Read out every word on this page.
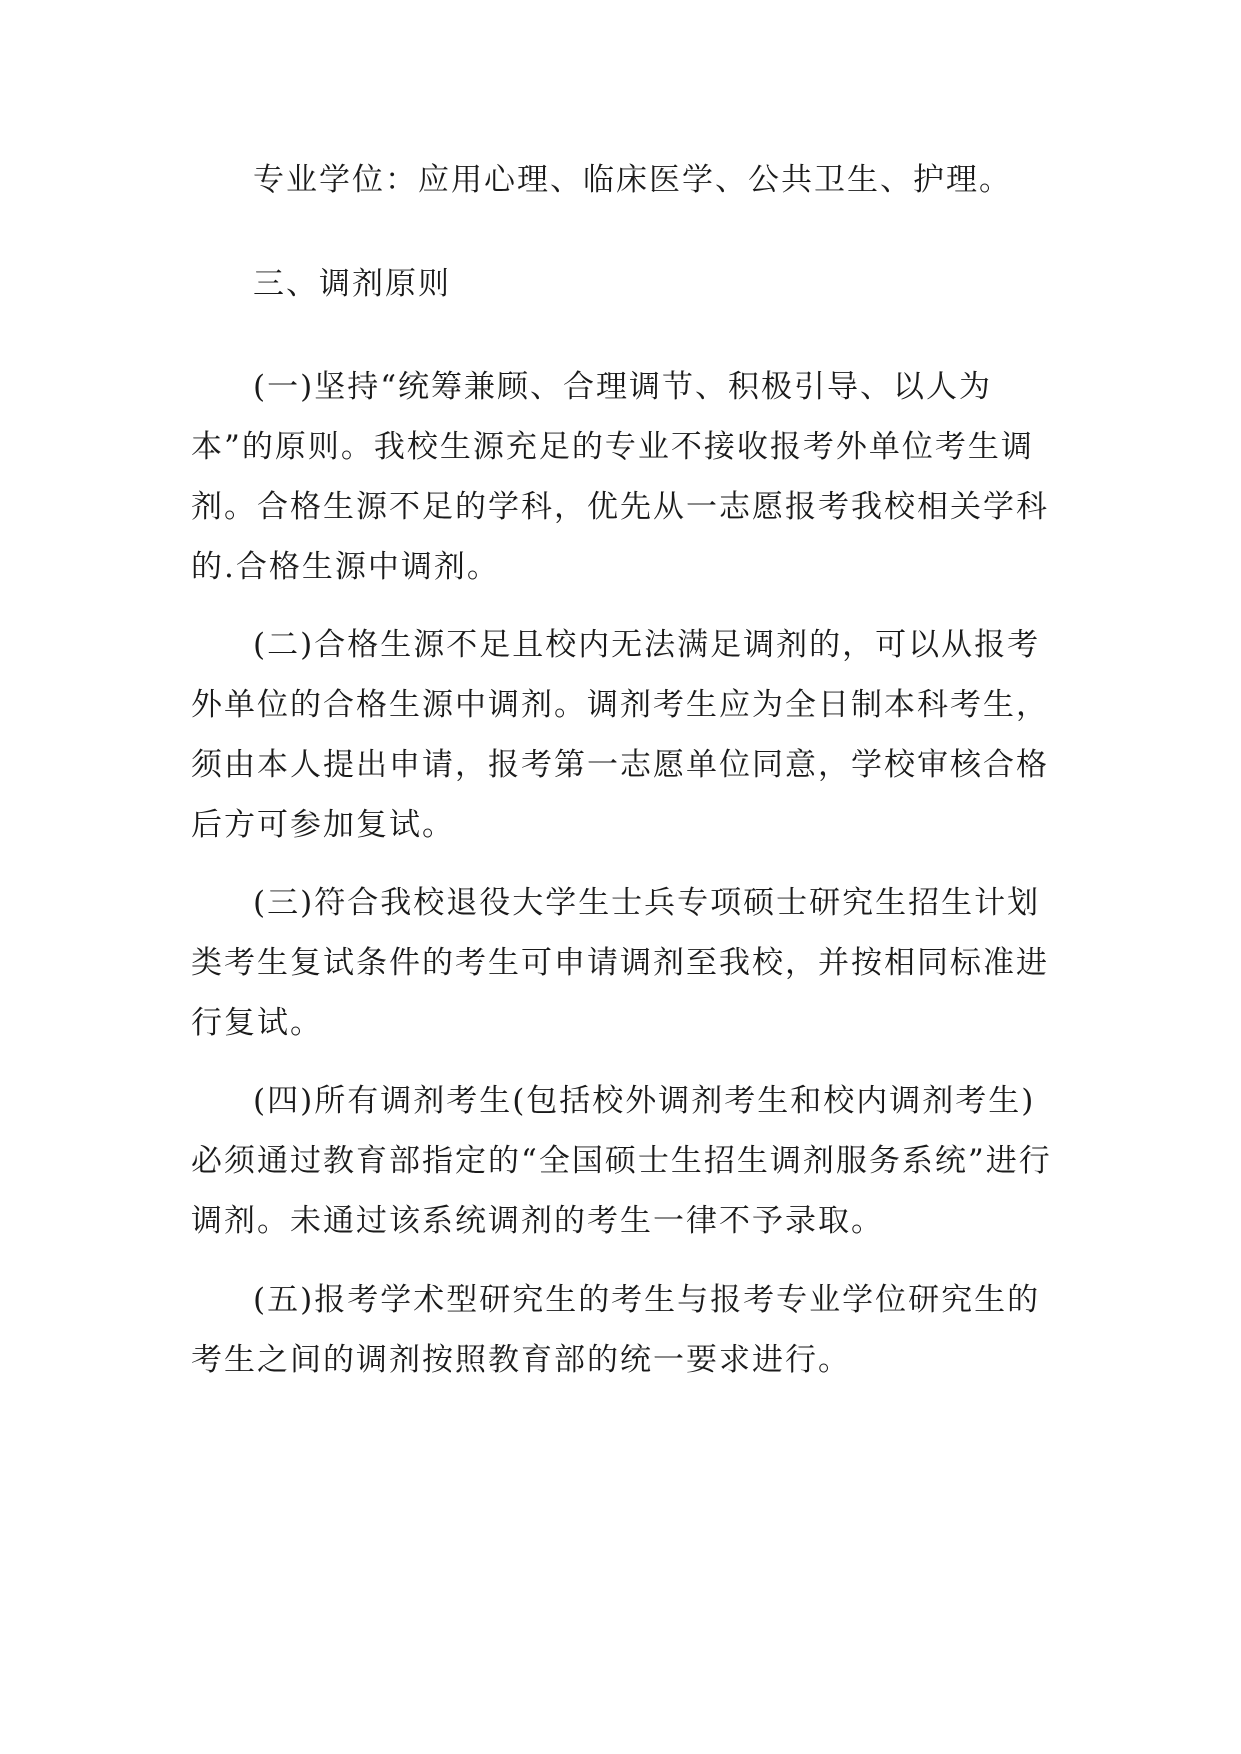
专业学位：应用心理、临床医学、公共卫生、护理。

三、调剂原则

(一)坚持“统筹兼顾、合理调节、积极引导、以人为本”的原则。我校生源充足的专业不接收报考外单位考生调剂。合格生源不足的学科，优先从一志愿报考我校相关学科的.合格生源中调剂。

(二)合格生源不足且校内无法满足调剂的，可以从报考外单位的合格生源中调剂。调剂考生应为全日制本科考生，须由本人提出申请，报考第一志愿单位同意，学校审核合格后方可参加复试。

(三)符合我校退役大学生士兵专项硕士研究生招生计划类考生复试条件的考生可申请调剂至我校，并按相同标准进行复试。

(四)所有调剂考生(包括校外调剂考生和校内调剂考生)必须通过教育部指定的“全国硕士生招生调剂服务系统”进行调剂。未通过该系统调剂的考生一律不予录取。

(五)报考学术型研究生的考生与报考专业学位研究生的考生之间的调剂按照教育部的统一要求进行。
